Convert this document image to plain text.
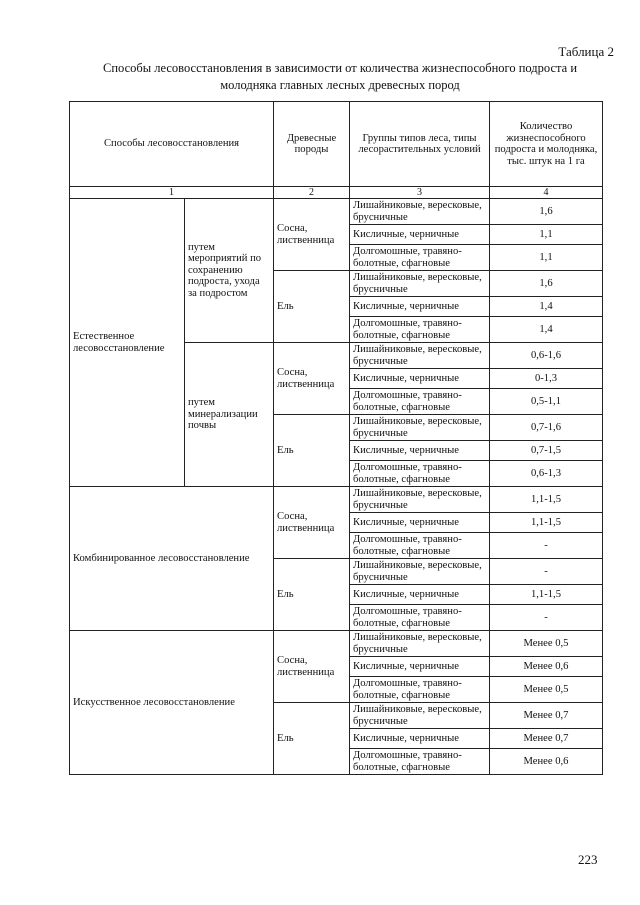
Таблица 2
Способы лесовосстановления в зависимости от количества жизнеспособного подроста и
молодняка главных лесных древесных пород
Способы лесовосстановления		Древесные породы	Группы типов леса, типы лесорастительных условий	Количество жизнеспособного подроста и молодняка, тыс. штук на 1 га
1		2	3	4
Естественное лесовосстановление	путем мероприятий по сохранению подроста, ухода за подростом	Сосна, лиственница	Лишайниковые, вересковые, брусничные	1,6
			Кисличные, черничные	1,1
			Долгомошные, травяно-болотные, сфагновые	1,1
		Ель	Лишайниковые, вересковые, брусничные	1,6
			Кисличные, черничные	1,4
			Долгомошные, травяно-болотные, сфагновые	1,4
	путем минерализации почвы	Сосна, лиственница	Лишайниковые, вересковые, брусничные	0,6-1,6
			Кисличные, черничные	0-1,3
			Долгомошные, травяно-болотные, сфагновые	0,5-1,1
		Ель	Лишайниковые, вересковые, брусничные	0,7-1,6
			Кисличные, черничные	0,7-1,5
			Долгомошные, травяно-болотные, сфагновые	0,6-1,3
Комбинированное лесовосстановление		Сосна, лиственница	Лишайниковые, вересковые, брусничные	1,1-1,5
			Кисличные, черничные	1,1-1,5
			Долгомошные, травяно-болотные, сфагновые	-
		Ель	Лишайниковые, вересковые, брусничные	-
			Кисличные, черничные	1,1-1,5
			Долгомошные, травяно-болотные, сфагновые	-
Искусственное лесовосстановление		Сосна, лиственница	Лишайниковые, вересковые, брусничные	Менее 0,5
			Кисличные, черничные	Менее 0,6
			Долгомошные, травяно-болотные, сфагновые	Менее 0,5
		Ель	Лишайниковые, вересковые, брусничные	Менее 0,7
			Кисличные, черничные	Менее 0,7
			Долгомошные, травяно-болотные, сфагновые	Менее 0,6
223
